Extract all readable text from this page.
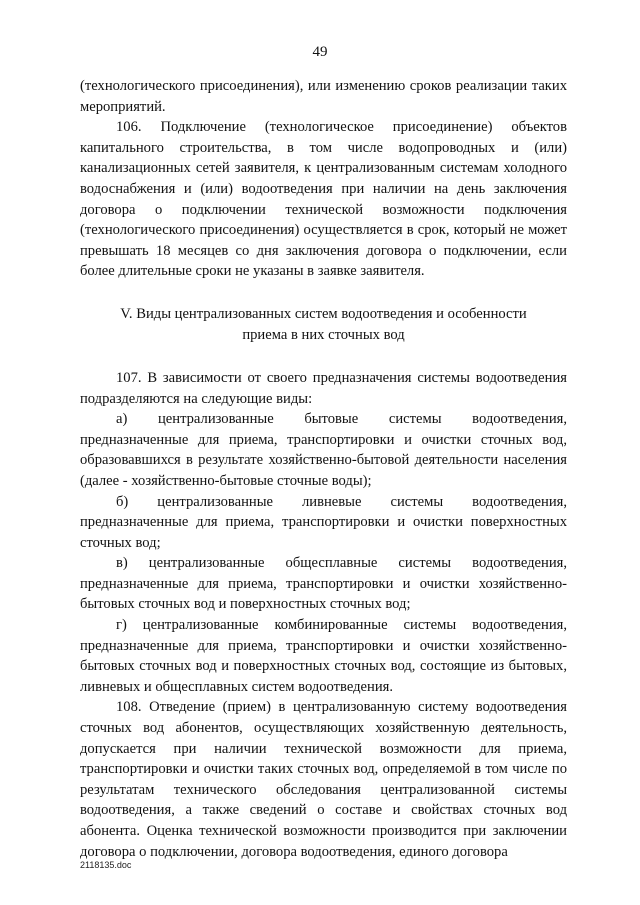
49

(технологического присоединения), или изменению сроков реализации таких мероприятий.

106. Подключение (технологическое присоединение) объектов капитального строительства, в том числе водопроводных и (или) канализационных сетей заявителя, к централизованным системам холодного водоснабжения и (или) водоотведения при наличии на день заключения договора о подключении технической возможности подключения (технологического присоединения) осуществляется в срок, который не может превышать 18 месяцев со дня заключения договора о подключении, если более длительные сроки не указаны в заявке заявителя.

V. Виды централизованных систем водоотведения и особенности
приема в них сточных вод

107. В зависимости от своего предназначения системы водоотведения подразделяются на следующие виды:

а) централизованные бытовые системы водоотведения, предназначенные для приема, транспортировки и очистки сточных вод, образовавшихся в результате хозяйственно-бытовой деятельности населения (далее - хозяйственно-бытовые сточные воды);

б) централизованные ливневые системы водоотведения, предназначенные для приема, транспортировки и очистки поверхностных сточных вод;

в) централизованные общесплавные системы водоотведения, предназначенные для приема, транспортировки и очистки хозяйственно-бытовых сточных вод и поверхностных сточных вод;

г) централизованные комбинированные системы водоотведения, предназначенные для приема, транспортировки и очистки хозяйственно-бытовых сточных вод и поверхностных сточных вод, состоящие из бытовых, ливневых и общесплавных систем водоотведения.

108. Отведение (прием) в централизованную систему водоотведения сточных вод абонентов, осуществляющих хозяйственную деятельность, допускается при наличии технической возможности для приема, транспортировки и очистки таких сточных вод, определяемой в том числе по результатам технического обследования централизованной системы водоотведения, а также сведений о составе и свойствах сточных вод абонента. Оценка технической возможности производится при заключении договора о подключении, договора водоотведения, единого договора

2118135.doc
